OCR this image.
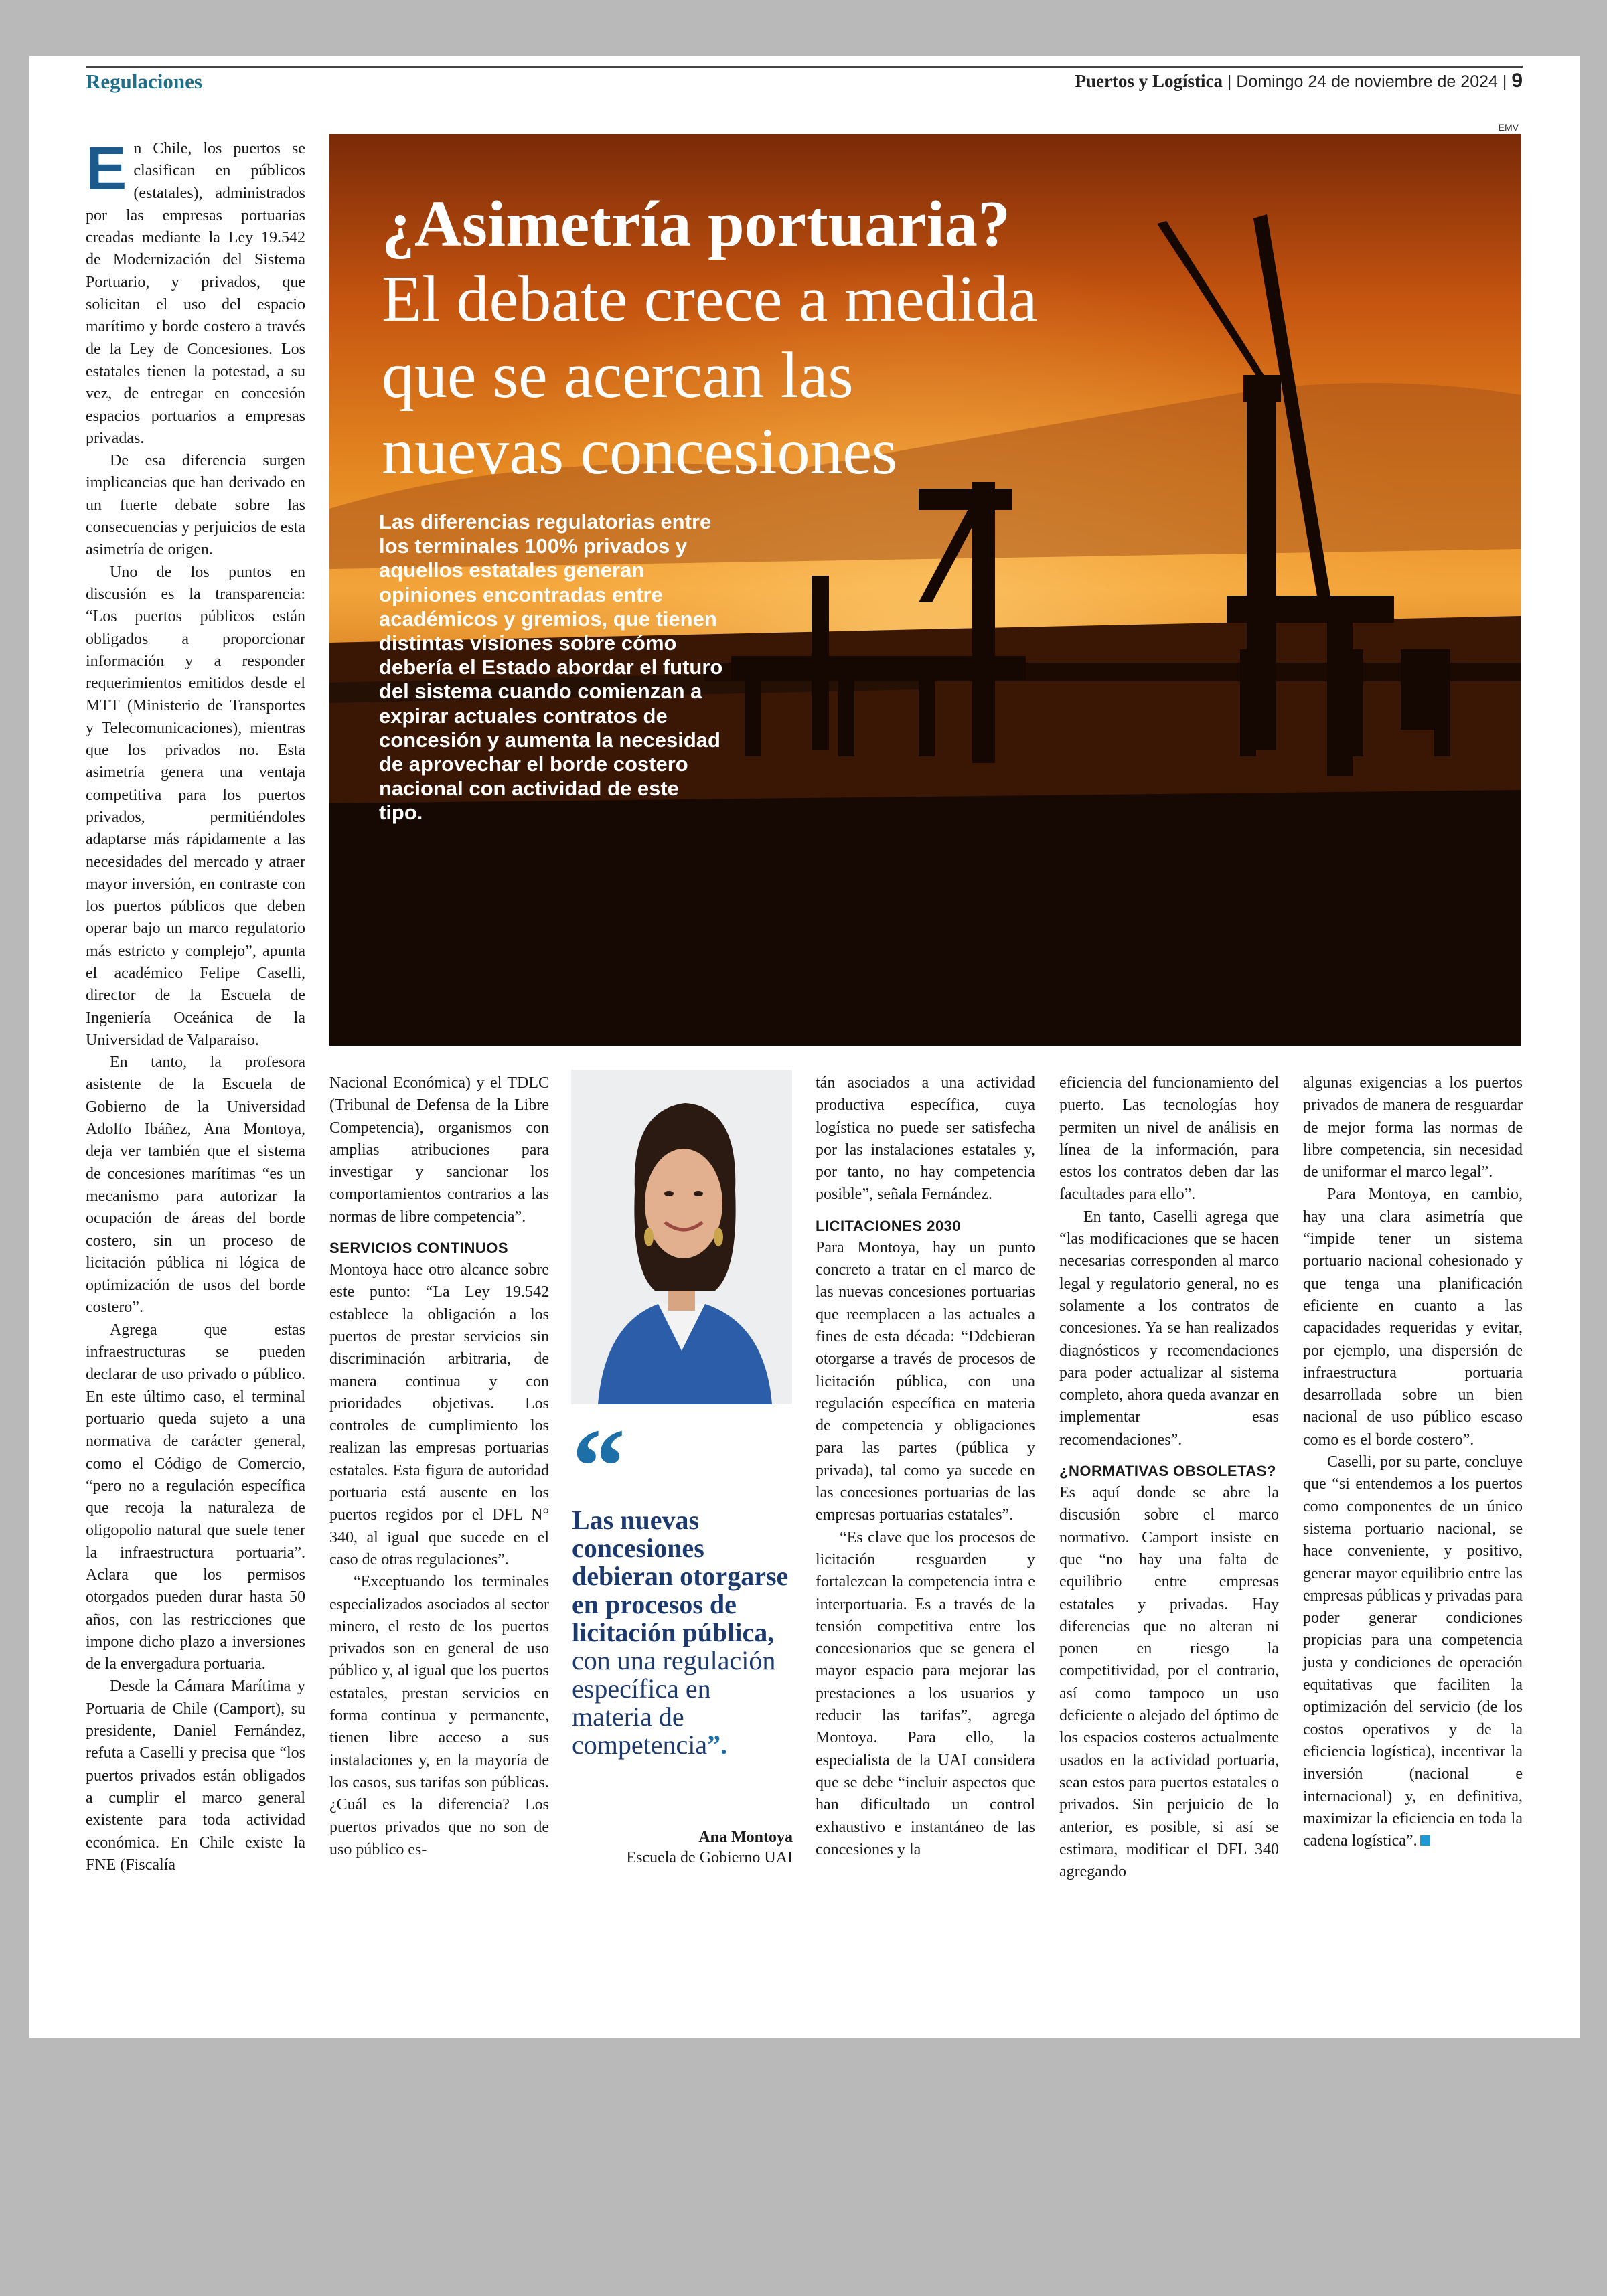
Regulaciones	Puertos y Logística | Domingo 24 de noviembre de 2024 | 9

En Chile, los puertos se clasifican en públicos (estatales), administrados por las empresas portuarias creadas mediante la Ley 19.542 de Modernización del Sistema Portuario, y privados, que solicitan el uso del espacio marítimo y borde costero a través de la Ley de Concesiones. Los estatales tienen la potestad, a su vez, de entregar en concesión espacios portuarios a empresas privadas.

De esa diferencia surgen implicancias que han derivado en un fuerte debate sobre las consecuencias y perjuicios de esta asimetría de origen.

Uno de los puntos en discusión es la transparencia: “Los puertos públicos están obligados a proporcionar información y a responder requerimientos emitidos desde el MTT (Ministerio de Transportes y Telecomunicaciones), mientras que los privados no. Esta asimetría genera una ventaja competitiva para los puertos privados, permitiéndoles adaptarse más rápidamente a las necesidades del mercado y atraer mayor inversión, en contraste con los puertos públicos que deben operar bajo un marco regulatorio más estricto y complejo”, apunta el académico Felipe Caselli, director de la Escuela de Ingeniería Oceánica de la Universidad de Valparaíso.

En tanto, la profesora asistente de la Escuela de Gobierno de la Universidad Adolfo Ibáñez, Ana Montoya, deja ver también que el sistema de concesiones marítimas “es un mecanismo para autorizar la ocupación de áreas del borde costero, sin un proceso de licitación pública ni lógica de optimización de usos del borde costero”.

Agrega que estas infraestructuras se pueden declarar de uso privado o público. En este último caso, el terminal portuario queda sujeto a una normativa de carácter general, como el Código de Comercio, “pero no a regulación específica que recoja la naturaleza de oligopolio natural que suele tener la infraestructura portuaria”. Aclara que los permisos otorgados pueden durar hasta 50 años, con las restricciones que impone dicho plazo a inversiones de la envergadura portuaria.

Desde la Cámara Marítima y Portuaria de Chile (Camport), su presidente, Daniel Fernández, refuta a Caselli y precisa que “los puertos privados están obligados a cumplir el marco general existente para toda actividad económica. En Chile existe la FNE (Fiscalía

EMV
¿Asimetría portuaria?
El debate crece a medida
que se acercan las
nuevas concesiones
Las diferencias regulatorias entre los terminales 100% privados y aquellos estatales generan opiniones encontradas entre académicos y gremios, que tienen distintas visiones sobre cómo debería el Estado abordar el futuro del sistema cuando comienzan a expirar actuales contratos de concesión y aumenta la necesidad de aprovechar el borde costero nacional con actividad de este tipo.

Nacional Económica) y el TDLC (Tribunal de Defensa de la Libre Competencia), organismos con amplias atribuciones para investigar y sancionar los comportamientos contrarios a las normas de libre competencia”.

SERVICIOS CONTINUOS

Montoya hace otro alcance sobre este punto: “La Ley 19.542 establece la obligación a los puertos de prestar servicios sin discriminación arbitraria, de manera continua y con prioridades objetivas. Los controles de cumplimiento los realizan las empresas portuarias estatales. Esta figura de autoridad portuaria está ausente en los puertos regidos por el DFL N° 340, al igual que sucede en el caso de otras regulaciones”.

“Exceptuando los terminales especializados asociados al sector minero, el resto de los puertos privados son en general de uso público y, al igual que los puertos estatales, prestan servicios en forma continua y permanente, tienen libre acceso a sus instalaciones y, en la mayoría de los casos, sus tarifas son públicas. ¿Cuál es la diferencia? Los puertos privados que no son de uso público es-

“
Las nuevas concesiones debieran otorgarse en procesos de licitación pública, con una regulación específica en materia de competencia”.
Ana Montoya
Escuela de Gobierno UAI

tán asociados a una actividad productiva específica, cuya logística no puede ser satisfecha por las instalaciones estatales y, por tanto, no hay competencia posible”, señala Fernández.

LICITACIONES 2030

Para Montoya, hay un punto concreto a tratar en el marco de las nuevas concesiones portuarias que reemplacen a las actuales a fines de esta década: “Ddebieran otorgarse a través de procesos de licitación pública, con una regulación específica en materia de competencia y obligaciones para las partes (pública y privada), tal como ya sucede en las concesiones portuarias de las empresas portuarias estatales”.

“Es clave que los procesos de licitación resguarden y fortalezcan la competencia intra e interportuaria. Es a través de la tensión competitiva entre los concesionarios que se genera el mayor espacio para mejorar las prestaciones a los usuarios y reducir las tarifas”, agrega Montoya. Para ello, la especialista de la UAI considera que se debe “incluir aspectos que han dificultado un control exhaustivo e instantáneo de las concesiones y la

eficiencia del funcionamiento del puerto. Las tecnologías hoy permiten un nivel de análisis en línea de la información, para estos los contratos deben dar las facultades para ello”.

En tanto, Caselli agrega que “las modificaciones que se hacen necesarias corresponden al marco legal y regulatorio general, no es solamente a los contratos de concesiones. Ya se han realizados diagnósticos y recomendaciones para poder actualizar al sistema completo, ahora queda avanzar en implementar esas recomendaciones”.

¿NORMATIVAS OBSOLETAS?

Es aquí donde se abre la discusión sobre el marco normativo. Camport insiste en que “no hay una falta de equilibrio entre empresas estatales y privadas. Hay diferencias que no alteran ni ponen en riesgo la competitividad, por el contrario, así como tampoco un uso deficiente o alejado del óptimo de los espacios costeros actualmente usados en la actividad portuaria, sean estos para puertos estatales o privados. Sin perjuicio de lo anterior, es posible, si así se estimara, modificar el DFL 340 agregando

algunas exigencias a los puertos privados de manera de resguardar de mejor forma las normas de libre competencia, sin necesidad de uniformar el marco legal”.

Para Montoya, en cambio, hay una clara asimetría que “impide tener un sistema portuario nacional cohesionado y que tenga una planificación eficiente en cuanto a las capacidades requeridas y evitar, por ejemplo, una dispersión de infraestructura portuaria desarrollada sobre un bien nacional de uso público escaso como es el borde costero”.

Caselli, por su parte, concluye que “si entendemos a los puertos como componentes de un único sistema portuario nacional, se hace conveniente, y positivo, generar mayor equilibrio entre las empresas públicas y privadas para poder generar condiciones propicias para una competencia justa y condiciones de operación equitativas que faciliten la optimización del servicio (de los costos operativos y de la eficiencia logística), incentivar la inversión (nacional e internacional) y, en definitiva, maximizar la eficiencia en toda la cadena logística”.
